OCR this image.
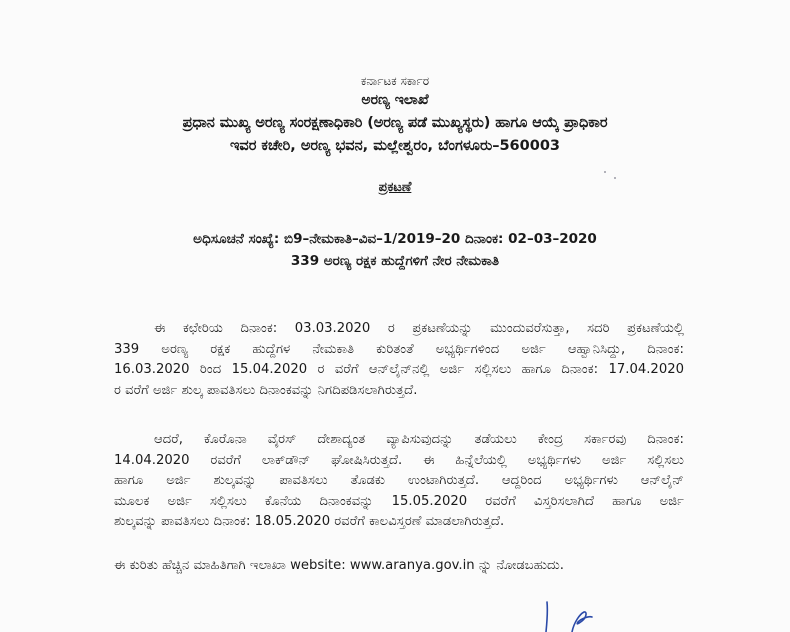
ಕರ್ನಾಟಕ ಸರ್ಕಾರ
ಅರಣ್ಯ ಇಲಾಖೆ
ಪ್ರಧಾನ ಮುಖ್ಯ ಅರಣ್ಯ ಸಂರಕ್ಷಣಾಧಿಕಾರಿ (ಅರಣ್ಯ ಪಡೆ ಮುಖ್ಯಸ್ಥರು) ಹಾಗೂ ಆಯ್ಕೆ ಪ್ರಾಧಿಕಾರ
ಇವರ ಕಚೇರಿ, ಅರಣ್ಯ ಭವನ, ಮಲ್ಲೇಶ್ವರಂ, ಬೆಂಗಳೂರು–560003
ಪ್ರಕಟಣೆ
ಅಧಿಸೂಚನೆ ಸಂಖ್ಯೆ: ಬಿ9–ನೇಮಕಾತಿ–ವಿವ–1/2019–20 ದಿನಾಂಕ: 02–03–2020
339 ಅರಣ್ಯ ರಕ್ಷಕ ಹುದ್ದೆಗಳಿಗೆ ನೇರ ನೇಮಕಾತಿ
ಈ ಕಛೇರಿಯ ದಿನಾಂಕ: 03.03.2020 ರ ಪ್ರಕಟಣೆಯನ್ನು ಮುಂದುವರೆಸುತ್ತಾ, ಸದರಿ ಪ್ರಕಟಣೆಯಲ್ಲಿ
339 ಅರಣ್ಯ ರಕ್ಷಕ ಹುದ್ದೆಗಳ ನೇಮಕಾತಿ ಕುರಿತಂತೆ ಅಭ್ಯರ್ಥಿಗಳಿಂದ ಅರ್ಜಿ ಆಹ್ವಾನಿಸಿದ್ದು, ದಿನಾಂಕ:
16.03.2020 ರಿಂದ 15.04.2020 ರ ವರೆಗೆ ಆನ್‌ಲೈನ್‌ನಲ್ಲಿ ಅರ್ಜಿ ಸಲ್ಲಿಸಲು ಹಾಗೂ ದಿನಾಂಕ: 17.04.2020
ರ ವರೆಗೆ ಅರ್ಜಿ ಶುಲ್ಕ ಪಾವತಿಸಲು ದಿನಾಂಕವನ್ನು ನಿಗದಿಪಡಿಸಲಾಗಿರುತ್ತದೆ.
ಆದರೆ, ಕೊರೊನಾ ವೈರಸ್ ದೇಶಾದ್ಯಂತ ವ್ಯಾಪಿಸುವುದನ್ನು ತಡೆಯಲು ಕೇಂದ್ರ ಸರ್ಕಾರವು ದಿನಾಂಕ:
14.04.2020 ರವರೆಗೆ ಲಾಕ್‌ಡೌನ್ ಘೋಷಿಸಿರುತ್ತದೆ. ಈ ಹಿನ್ನೆಲೆಯಲ್ಲಿ ಅಭ್ಯರ್ಥಿಗಳು ಅರ್ಜಿ ಸಲ್ಲಿಸಲು
ಹಾಗೂ ಅರ್ಜಿ ಶುಲ್ಕವನ್ನು ಪಾವತಿಸಲು ತೊಡಕು ಉಂಟಾಗಿರುತ್ತದೆ. ಆದ್ದರಿಂದ ಅಭ್ಯರ್ಥಿಗಳು ಆನ್‌ಲೈನ್
ಮೂಲಕ ಅರ್ಜಿ ಸಲ್ಲಿಸಲು ಕೊನೆಯ ದಿನಾಂಕವನ್ನು 15.05.2020 ರವರೆಗೆ ವಿಸ್ತರಿಸಲಾಗಿದೆ ಹಾಗೂ ಅರ್ಜಿ
ಶುಲ್ಕವನ್ನು ಪಾವತಿಸಲು ದಿನಾಂಕ: 18.05.2020 ರವರೆಗೆ ಕಾಲವಿಸ್ತರಣೆ ಮಾಡಲಾಗಿರುತ್ತದೆ.
ಈ ಕುರಿತು ಹೆಚ್ಚಿನ ಮಾಹಿತಿಗಾಗಿ ಇಲಾಖಾ website: www.aranya.gov.in ನ್ನು ನೋಡಬಹುದು.
